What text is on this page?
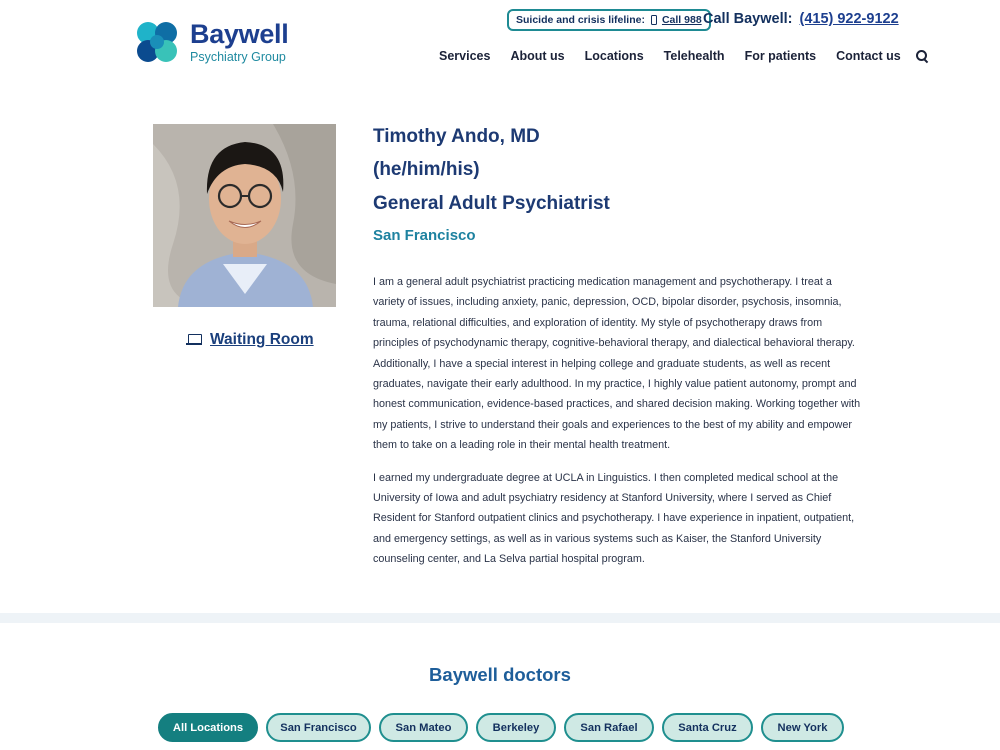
Baywell
Psychiatry Group
Suicide and crisis lifeline: Call 988 Call Baywell: (415) 922-9122
Services About us Locations Telehealth For patients Contact us
Waiting Room
Timothy Ando, MD
(he/him/his)
General Adult Psychiatrist
San Francisco

I am a general adult psychiatrist practicing medication management and psychotherapy. I treat a variety of issues, including anxiety, panic, depression, OCD, bipolar disorder, psychosis, insomnia, trauma, relational difficulties, and exploration of identity. My style of psychotherapy draws from principles of psychodynamic therapy, cognitive-behavioral therapy, and dialectical behavioral therapy. Additionally, I have a special interest in helping college and graduate students, as well as recent graduates, navigate their early adulthood. In my practice, I highly value patient autonomy, prompt and honest communication, evidence-based practices, and shared decision making. Working together with my patients, I strive to understand their goals and experiences to the best of my ability and empower them to take on a leading role in their mental health treatment.

I earned my undergraduate degree at UCLA in Linguistics. I then completed medical school at the University of Iowa and adult psychiatry residency at Stanford University, where I served as Chief Resident for Stanford outpatient clinics and psychotherapy. I have experience in inpatient, outpatient, and emergency settings, as well as in various systems such as Kaiser, the Stanford University counseling center, and La Selva partial hospital program.

Baywell doctors
All Locations	San Francisco	San Mateo	Berkeley	San Rafael	Santa Cruz	New York
